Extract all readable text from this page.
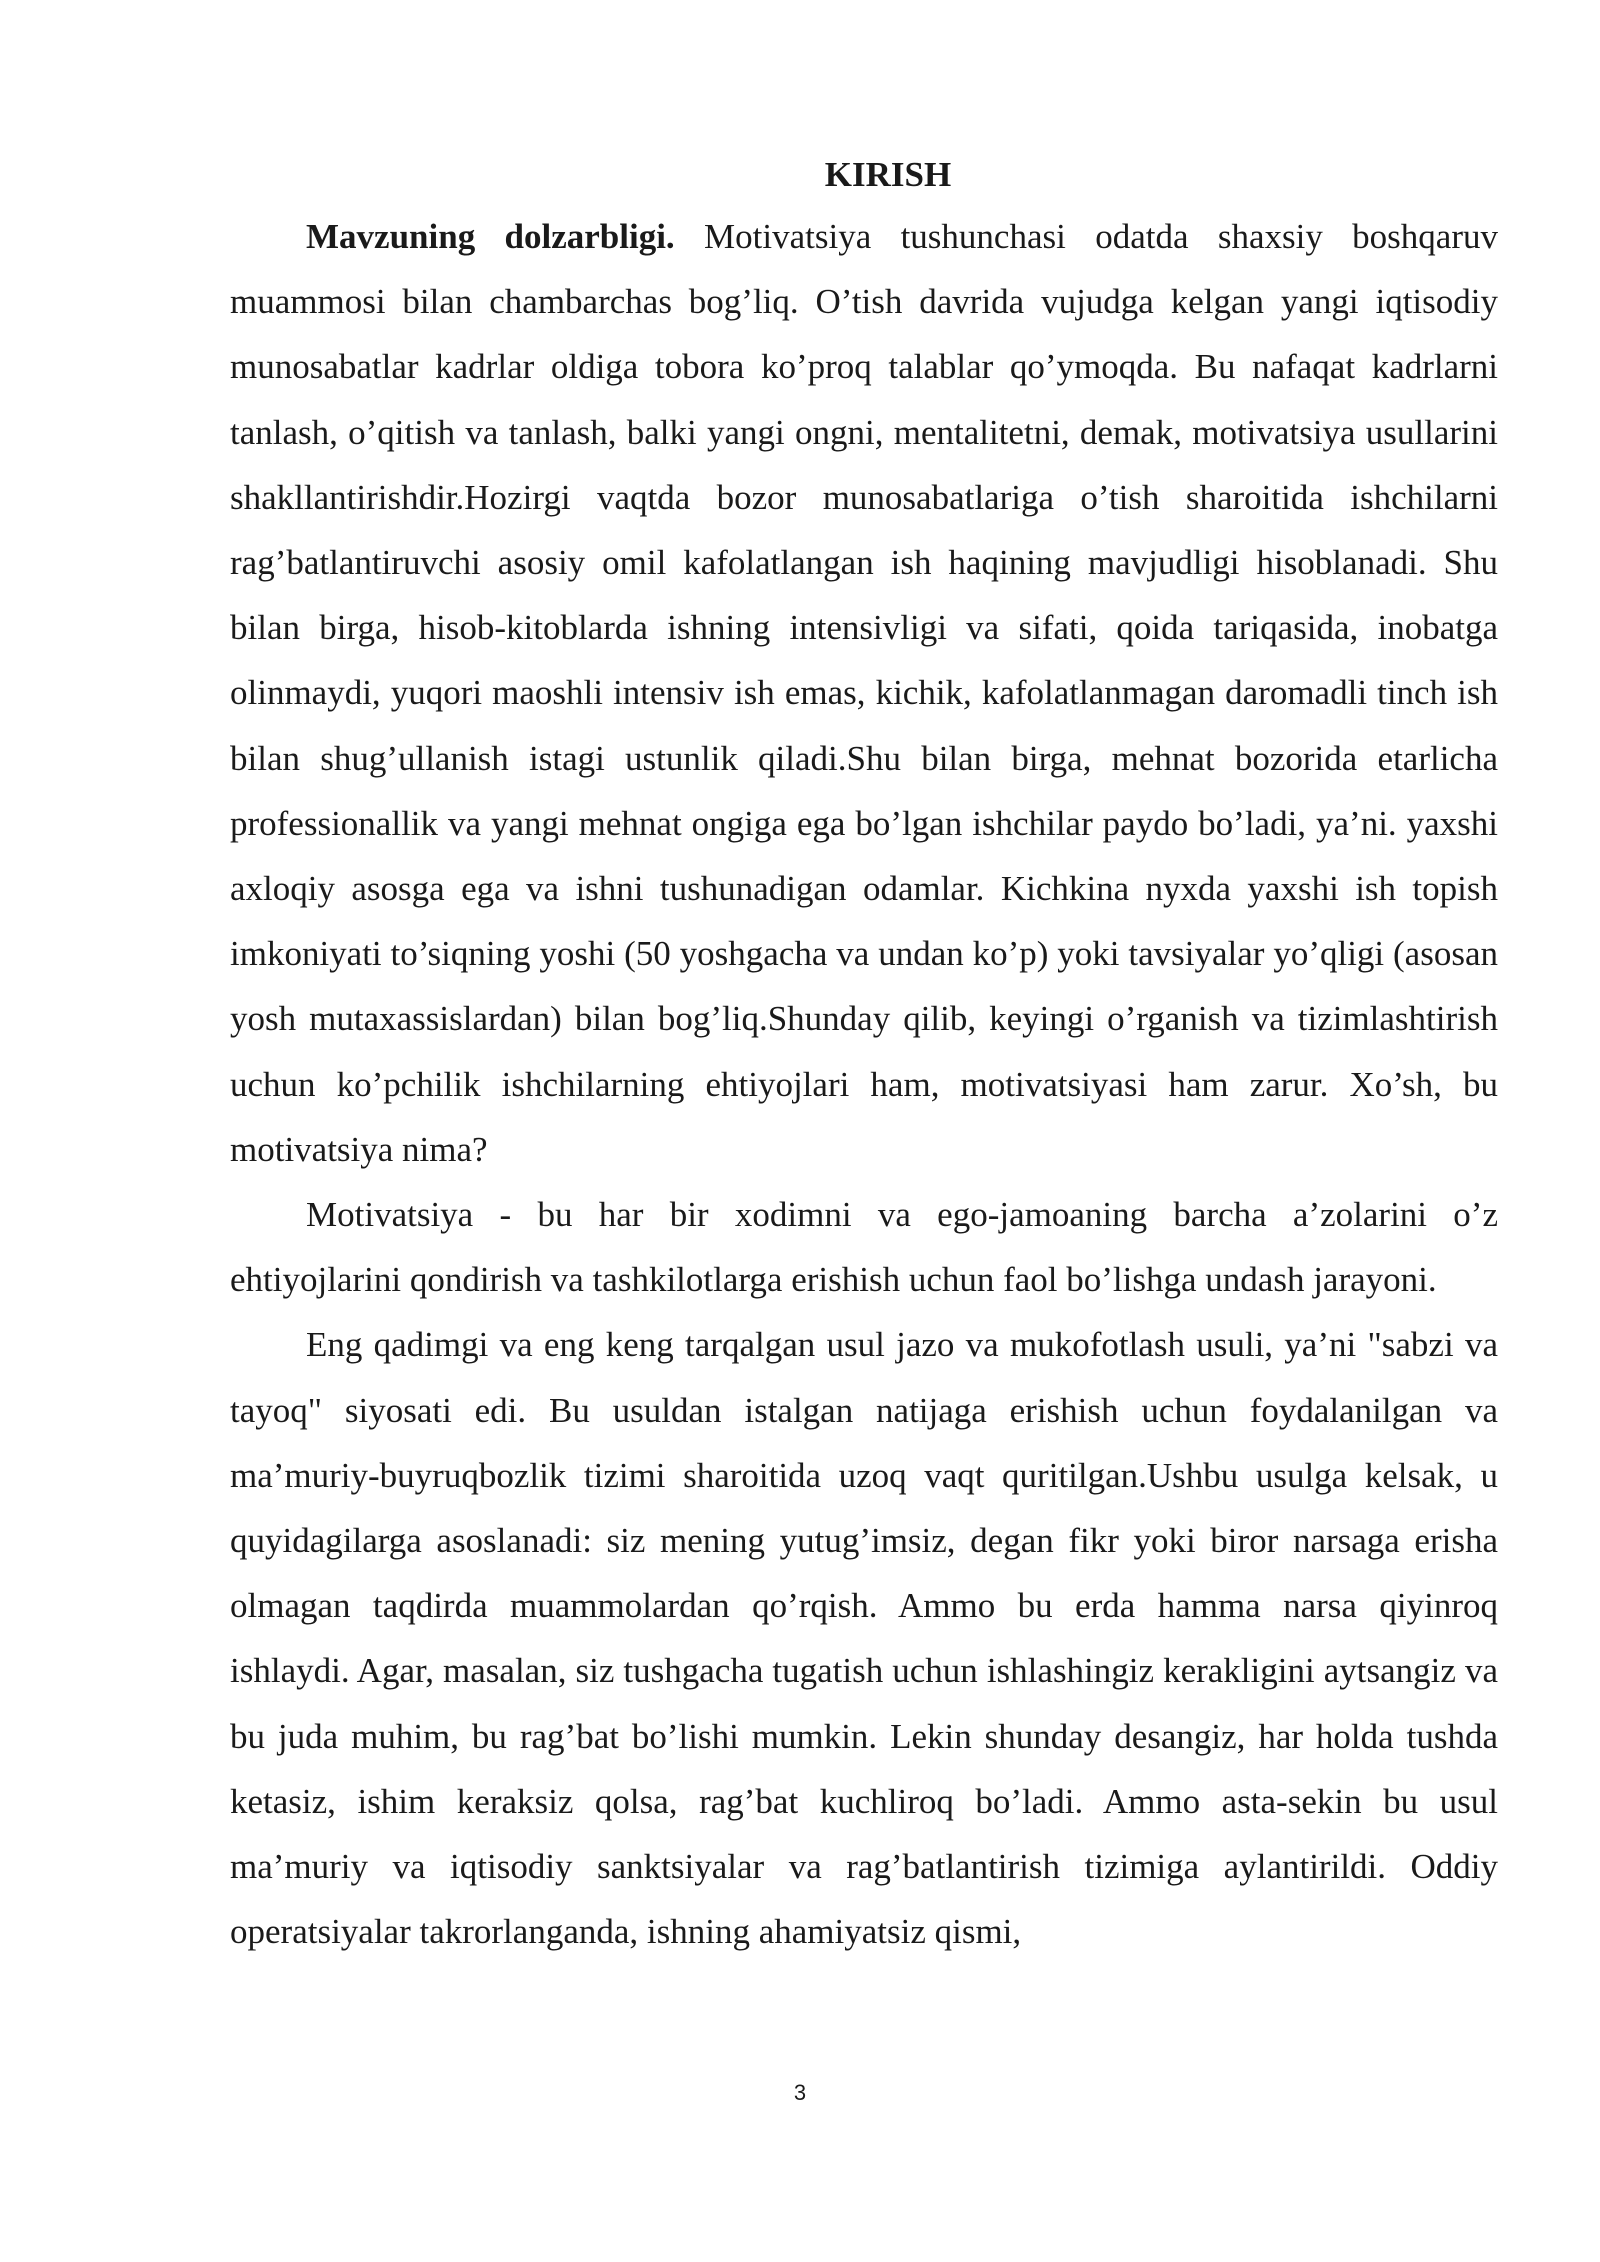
KIRISH

Mavzuning dolzarbligi. Motivatsiya tushunchasi odatda shaxsiy boshqaruv muammosi bilan chambarchas bog’liq. O’tish davrida vujudga kelgan yangi iqtisodiy munosabatlar kadrlar oldiga tobora ko’proq talablar qo’ymoqda. Bu nafaqat kadrlarni tanlash, o’qitish va tanlash, balki yangi ongni, mentalitetni, demak, motivatsiya usullarini shakllantirishdir.Hozirgi vaqtda bozor munosabatlariga o’tish sharoitida ishchilarni rag’batlantiruvchi asosiy omil kafolatlangan ish haqining mavjudligi hisoblanadi. Shu bilan birga, hisob-kitoblarda ishning intensivligi va sifati, qoida tariqasida, inobatga olinmaydi, yuqori maoshli intensiv ish emas, kichik, kafolatlanmagan daromadli tinch ish bilan shug’ullanish istagi ustunlik qiladi.Shu bilan birga, mehnat bozorida etarlicha professionallik va yangi mehnat ongiga ega bo’lgan ishchilar paydo bo’ladi, ya’ni. yaxshi axloqiy asosga ega va ishni tushunadigan odamlar. Kichkina nyxda yaxshi ish topish imkoniyati to’siqning yoshi (50 yoshgacha va undan ko’p) yoki tavsiyalar yo’qligi (asosan yosh mutaxassislardan) bilan bog’liq.Shunday qilib, keyingi o’rganish va tizimlashtirish uchun ko’pchilik ishchilarning ehtiyojlari ham, motivatsiyasi ham zarur. Xo’sh, bu motivatsiya nima?

Motivatsiya - bu har bir xodimni va ego-jamoaning barcha a’zolarini o’z ehtiyojlarini qondirish va tashkilotlarga erishish uchun faol bo’lishga undash jarayoni.

Eng qadimgi va eng keng tarqalgan usul jazo va mukofotlash usuli, ya’ni "sabzi va tayoq" siyosati edi. Bu usuldan istalgan natijaga erishish uchun foydalanilgan va ma’muriy-buyruqbozlik tizimi sharoitida uzoq vaqt quritilgan.Ushbu usulga kelsak, u quyidagilarga asoslanadi: siz mening yutug’imsiz, degan fikr yoki biror narsaga erisha olmagan taqdirda muammolardan qo’rqish. Ammo bu erda hamma narsa qiyinroq ishlaydi. Agar, masalan, siz tushgacha tugatish uchun ishlashingiz kerakligini aytsangiz va bu juda muhim, bu rag’bat bo’lishi mumkin. Lekin shunday desangiz, har holda tushda ketasiz, ishim keraksiz qolsa, rag’bat kuchliroq bo’ladi. Ammo asta-sekin bu usul ma’muriy va iqtisodiy sanktsiyalar va rag’batlantirish tizimiga aylantirildi. Oddiy operatsiyalar takrorlanganda, ishning ahamiyatsiz qismi,

3
